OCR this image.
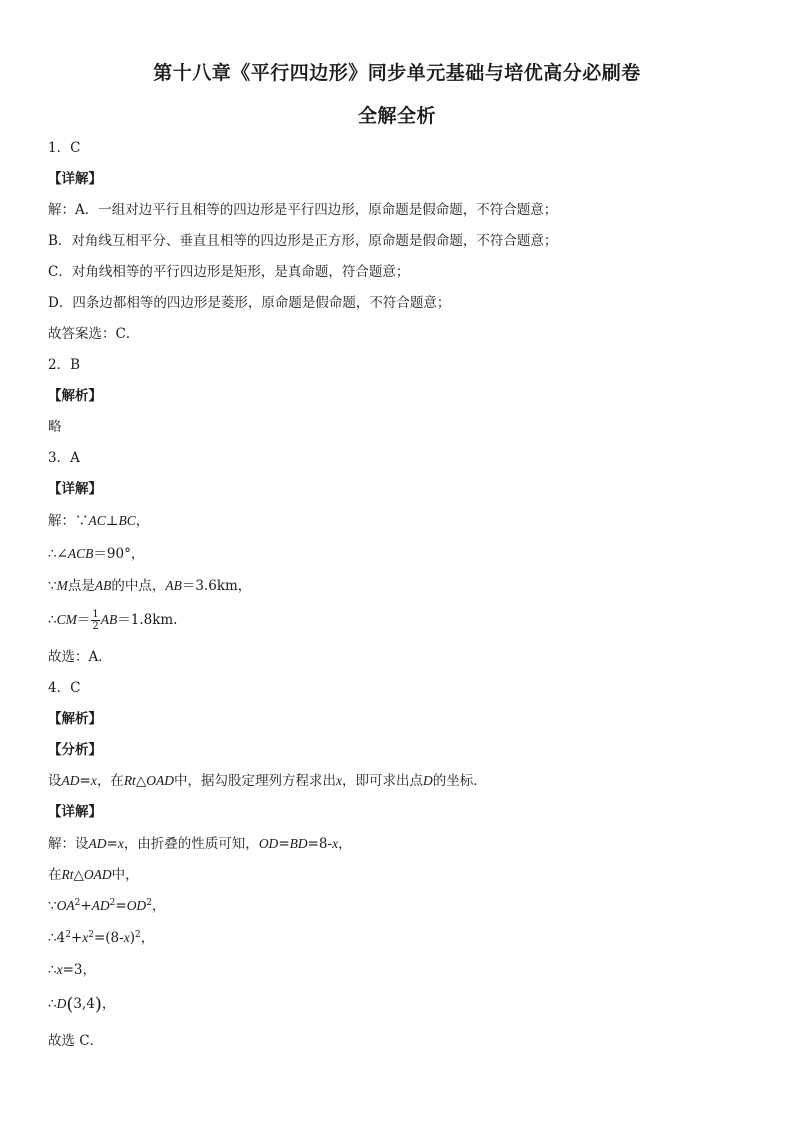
第十八章《平行四边形》同步单元基础与培优高分必刷卷
全解全析
1．C
【详解】
解：A．一组对边平行且相等的四边形是平行四边形，原命题是假命题，不符合题意；
B．对角线互相平分、垂直且相等的四边形是正方形，原命题是假命题，不符合题意；
C．对角线相等的平行四边形是矩形，是真命题，符合题意；
D．四条边都相等的四边形是菱形，原命题是假命题，不符合题意；
故答案选：C．
2．B
【解析】
略
3．A
【详解】
解：∵AC⊥BC，
∴∠ACB＝90°，
∵M点是AB的中点，AB＝3.6km，
∴CM＝ $\frac{1}{2} AB=1.8km$.
故选：A．
4．C
【解析】
【分析】
设AD=x，在Rt△OAD中，据勾股定理列方程求出x，即可求出点D的坐标．
【详解】
解：设AD=x，由折叠的性质可知，OD=BD=8-x，
在Rt△OAD中，
$\because OA^2+AD^2=OD^2$，
$\therefore 4^2+x^2=(8-x)^2$，
∴x=3，
∴D(3,4)，
故选 C．
